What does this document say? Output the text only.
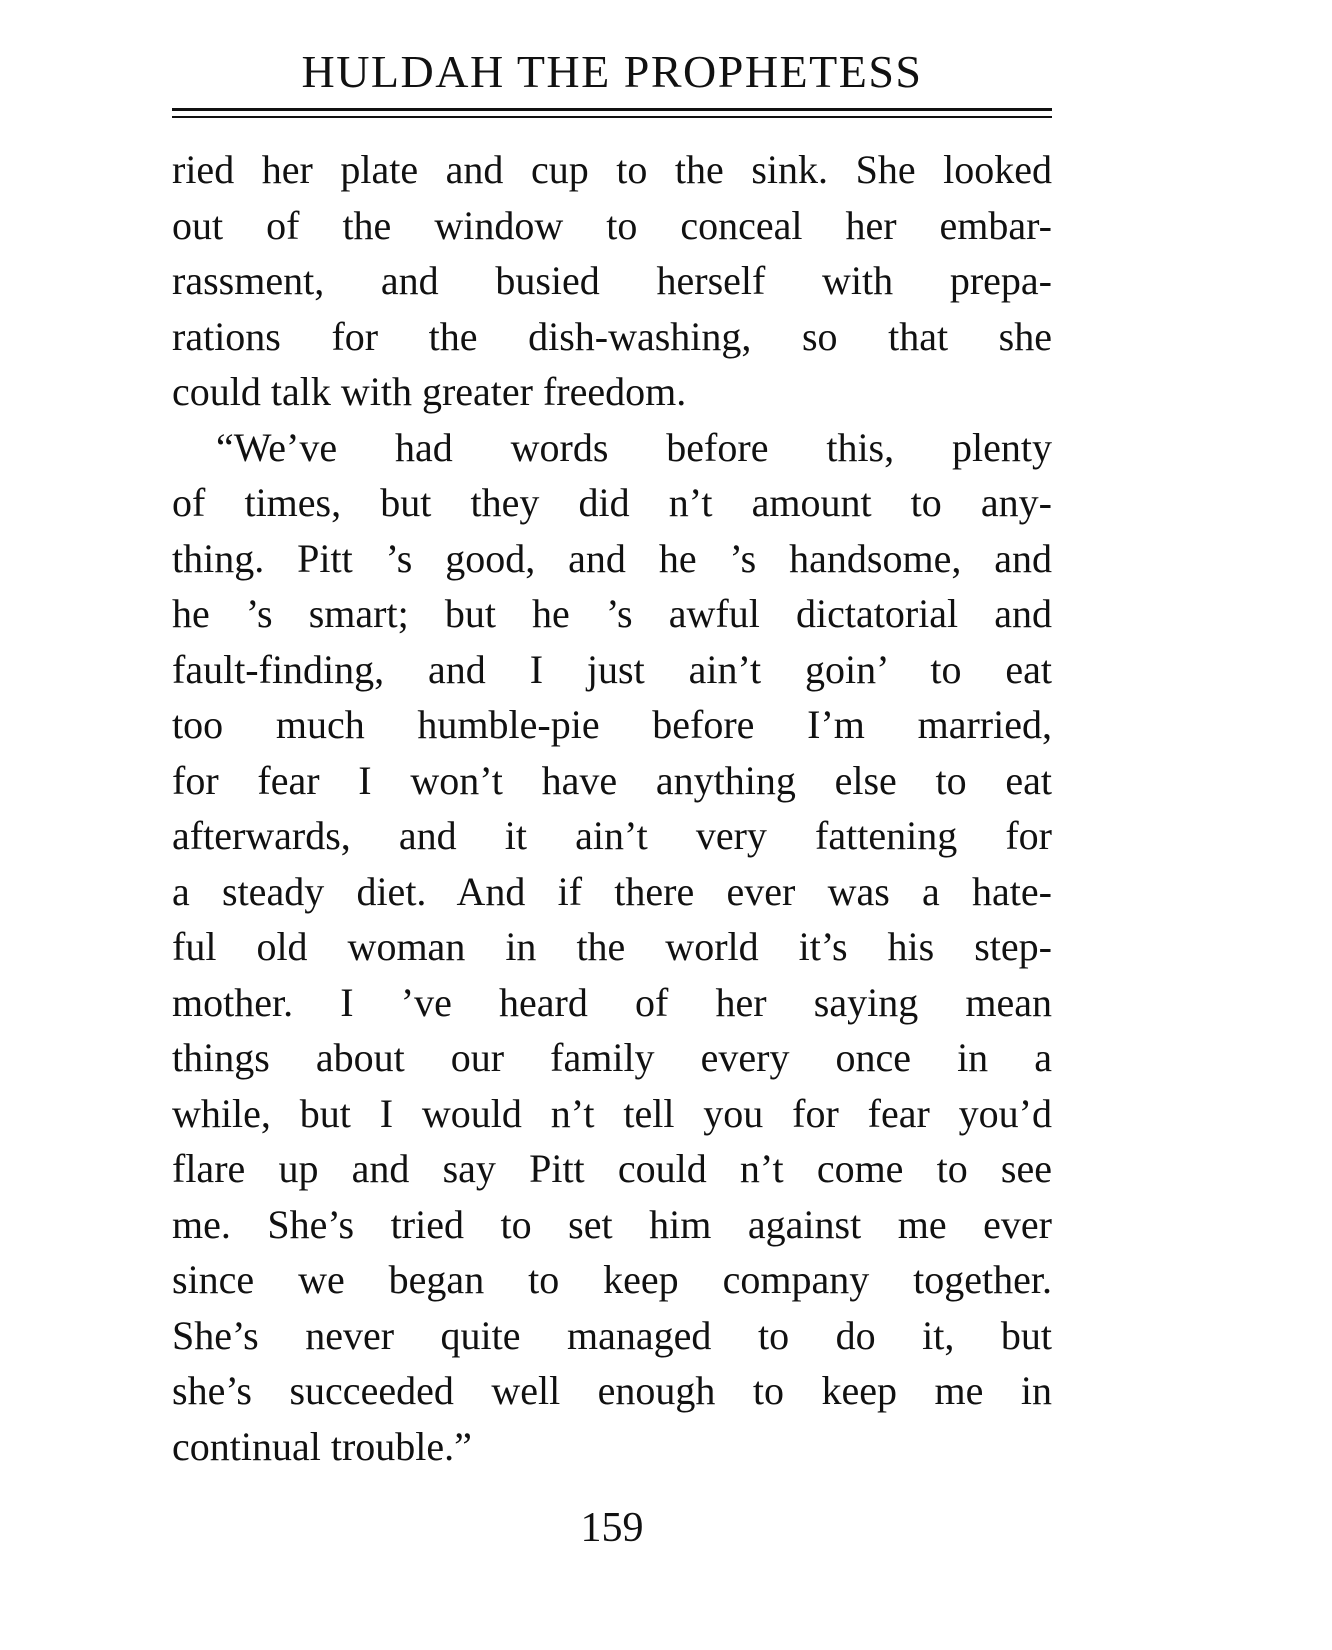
HULDAH THE PROPHETESS
ried her plate and cup to the sink. She looked
out of the window to conceal her embar-
rassment, and busied herself with prepa-
rations for the dish-washing, so that she
could talk with greater freedom.
“We’ve had words before this, plenty
of times, but they did n’t amount to any-
thing. Pitt ’s good, and he ’s handsome, and
he ’s smart; but he ’s awful dictatorial and
fault-finding, and I just ain’t goin’ to eat
too much humble-pie before I’m married,
for fear I won’t have anything else to eat
afterwards, and it ain’t very fattening for
a steady diet. And if there ever was a hate-
ful old woman in the world it’s his step-
mother. I ’ve heard of her saying mean
things about our family every once in a
while, but I would n’t tell you for fear you’d
flare up and say Pitt could n’t come to see
me. She’s tried to set him against me ever
since we began to keep company together.
She’s never quite managed to do it, but
she’s succeeded well enough to keep me in
continual trouble.”
159
